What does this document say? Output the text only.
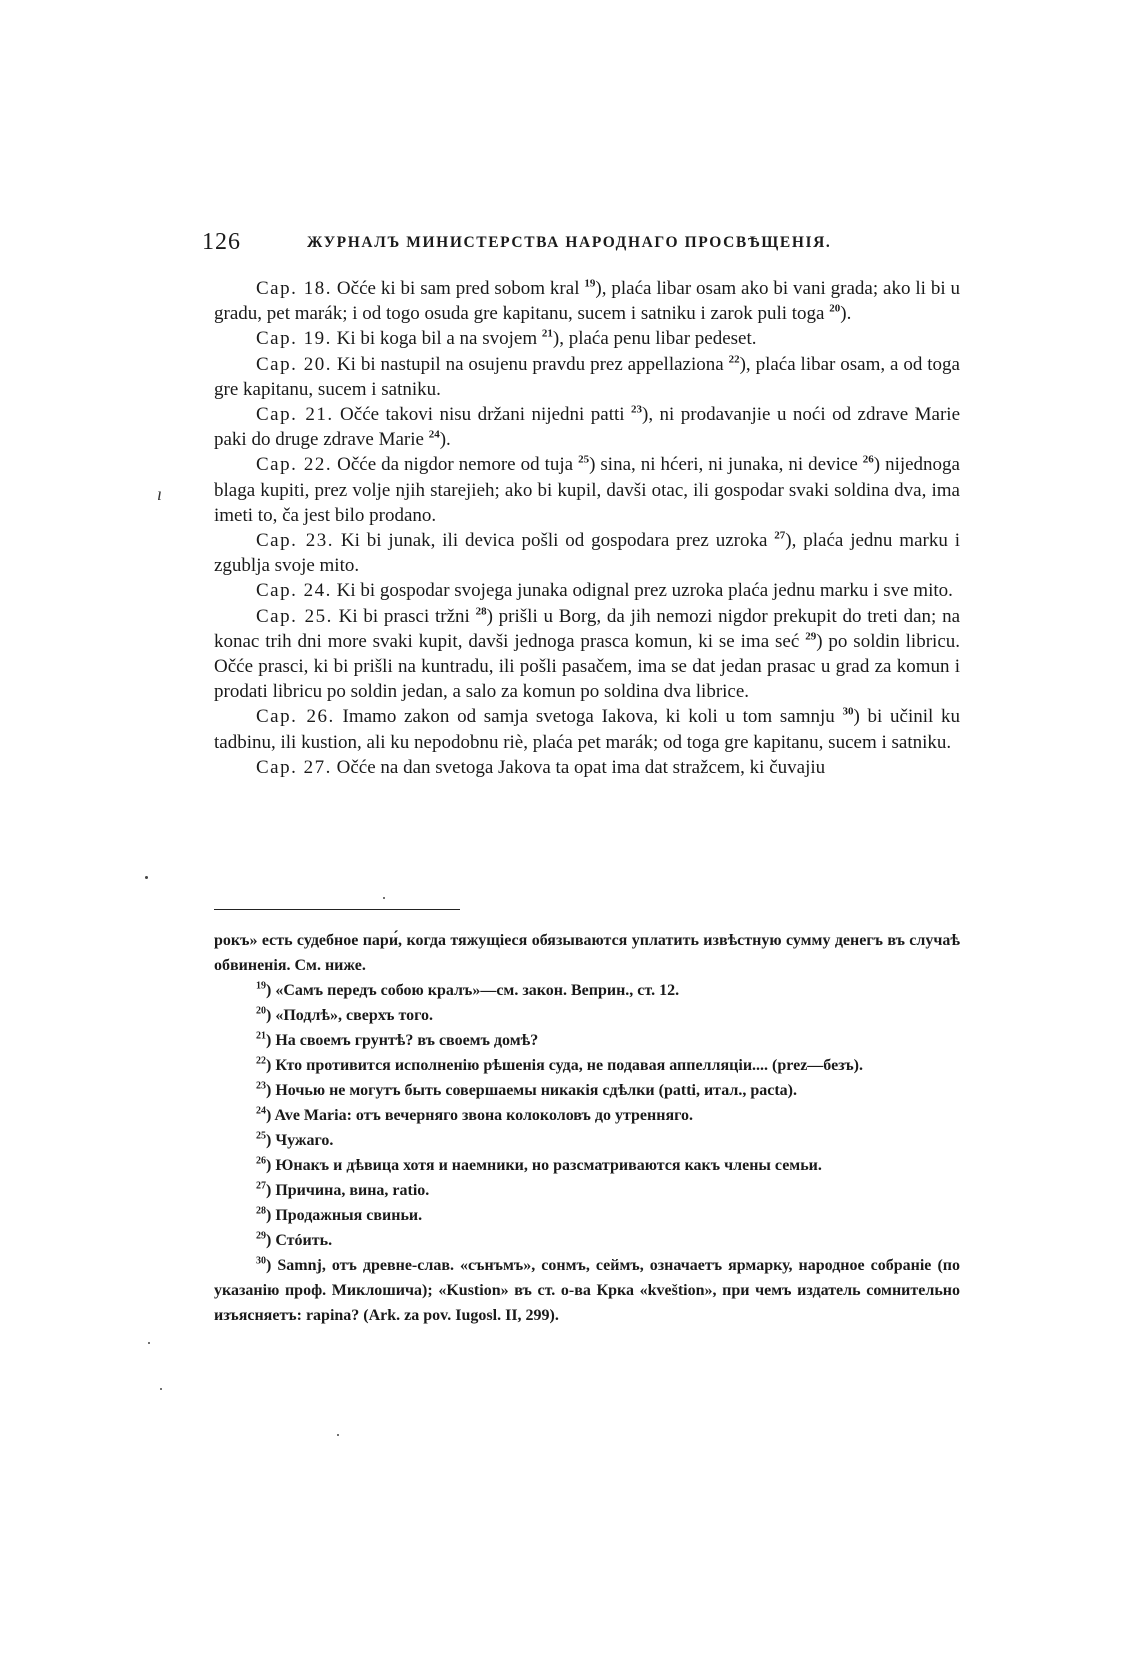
126	ЖУРНАЛЪ МИНИСТЕРСТВА НАРОДНАГО ПРОСВѢЩЕНІЯ.
ı

Cap. 18. Očće ki bi sam pred sobom kral $^{19}$), plaća libar osam ako bi vani grada; ako li bi u gradu, pet marák; i od togo osuda gre kapitanu, sucem i satniku i zarok puli toga $^{20}$).

Cap. 19. Ki bi koga bil a na svojem $^{21}$), plaća penu libar pedeset.

Cap. 20. Ki bi nastupil na osujenu pravdu prez appellaziona $^{22}$), plaća libar osam, a od toga gre kapitanu, sucem i satniku.

Cap. 21. Očće takovi nisu držani nijedni patti $^{23}$), ni prodavanjie u noći od zdrave Marie paki do druge zdrave Marie $^{24}$).

Cap. 22. Očće da nigdor nemore od tuja $^{25}$) sina, ni hćeri, ni junaka, ni device $^{26}$) nijednoga blaga kupiti, prez volje njih starejieh; ako bi kupil, davši otac, ili gospodar svaki soldina dva, ima imeti to, ča jest bilo prodano.

Cap. 23. Ki bi junak, ili devica pošli od gospodara prez uzroka $^{27}$), plaća jednu marku i zgublja svoje mito.

Cap. 24. Ki bi gospodar svojega junaka odignal prez uzroka plaća jednu marku i sve mito.

Cap. 25. Ki bi prasci tržni $^{28}$) prišli u Borg, da jih nemozi nigdor prekupit do treti dan; na konac trih dni more svaki kupit, davši jednoga prasca komun, ki se ima seć $^{29}$) po soldin libricu. Očće prasci, ki bi prišli na kuntradu, ili pošli pasačem, ima se dat jedan prasac u grad za komun i prodati libricu po soldin jedan, a salo za komun po soldina dva librice.

Cap. 26. Imamo zakon od samja svetoga Iakova, ki koli u tom samnju $^{30}$) bi učinil ku tadbinu, ili kustion, ali ku nepodobnu riè, plaća pet marák; od toga gre kapitanu, sucem i satniku.

Cap. 27. Očće na dan svetoga Jakova ta opat ima dat stražcem, ki čuvajiu

рокъ» есть судебное пари́, когда тяжущіеся обязываются уплатить извѣстную сумму денегъ въ случаѣ обвиненія. См. ниже.

$^{19}$) «Самъ передъ собою кралъ»—см. закон. Веприн., ст. 12.

$^{20}$) «Подлѣ», сверхъ того.

$^{21}$) На своемъ грунтѣ? въ своемъ домѣ?

$^{22}$) Кто противится исполненію рѣшенія суда, не подавая аппелляціи.... (prez—безъ).

$^{23}$) Ночью не могутъ быть совершаемы никакія сдѣлки (patti, итал., pacta).

$^{24}$) Ave Maria: отъ вечерняго звона колоколовъ до утренняго.

$^{25}$) Чужаго.

$^{26}$) Юнакъ и дѣвица хотя и наемники, но разсматриваются какъ члены семьи.

$^{27}$) Причина, вина, ratio.

$^{28}$) Продажныя свиньи.

$^{29}$) Стóить.

$^{30}$) Samnj, отъ древне-слав. «сънъмъ», сонмъ, сеймъ, означаетъ ярмарку, народное собраніе (по указанію проф. Миклошича); «Kustion» въ ст. о-ва Крка «kveštion», при чемъ издатель сомнительно изъясняетъ: rapina? (Ark. za pov. Iugosl. II, 299).
